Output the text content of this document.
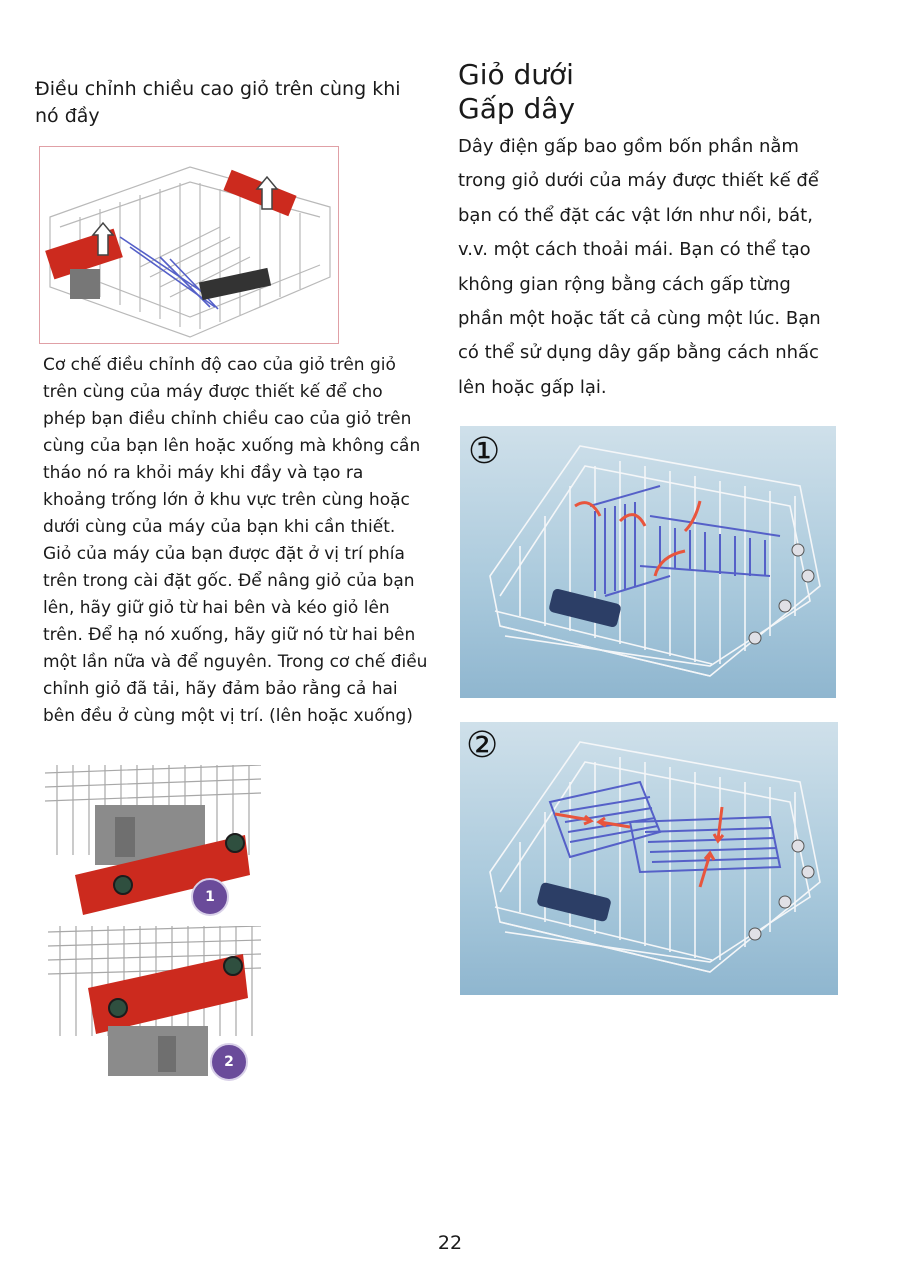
Điều chỉnh chiều cao giỏ trên cùng khi nó đầy
Cơ chế điều chỉnh độ cao của giỏ trên giỏ trên cùng của máy được thiết kế để cho phép bạn điều chỉnh chiều cao của giỏ trên cùng của bạn lên hoặc xuống mà không cần tháo nó ra khỏi máy khi đầy và tạo ra khoảng trống lớn ở khu vực trên cùng hoặc dưới cùng của máy của bạn khi cần thiết. Giỏ của máy của bạn được đặt ở vị trí phía trên trong cài đặt gốc. Để nâng giỏ của bạn lên, hãy giữ giỏ từ hai bên và kéo giỏ lên trên. Để hạ nó xuống, hãy giữ nó từ hai bên một lần nữa và để nguyên. Trong cơ chế điều chỉnh giỏ đã tải, hãy đảm bảo rằng cả hai bên đều ở cùng một vị trí. (lên hoặc xuống)
1
2
Giỏ dưới
Gấp dây
Dây điện gấp bao gồm bốn phần nằm trong giỏ dưới của máy được thiết kế để bạn có thể đặt các vật lớn như nồi, bát, v.v. một cách thoải mái. Bạn có thể tạo không gian rộng bằng cách gấp từng phần một hoặc tất cả cùng một lúc. Bạn có thể sử dụng dây gấp bằng cách nhấc lên hoặc gấp lại.
①
②
22
